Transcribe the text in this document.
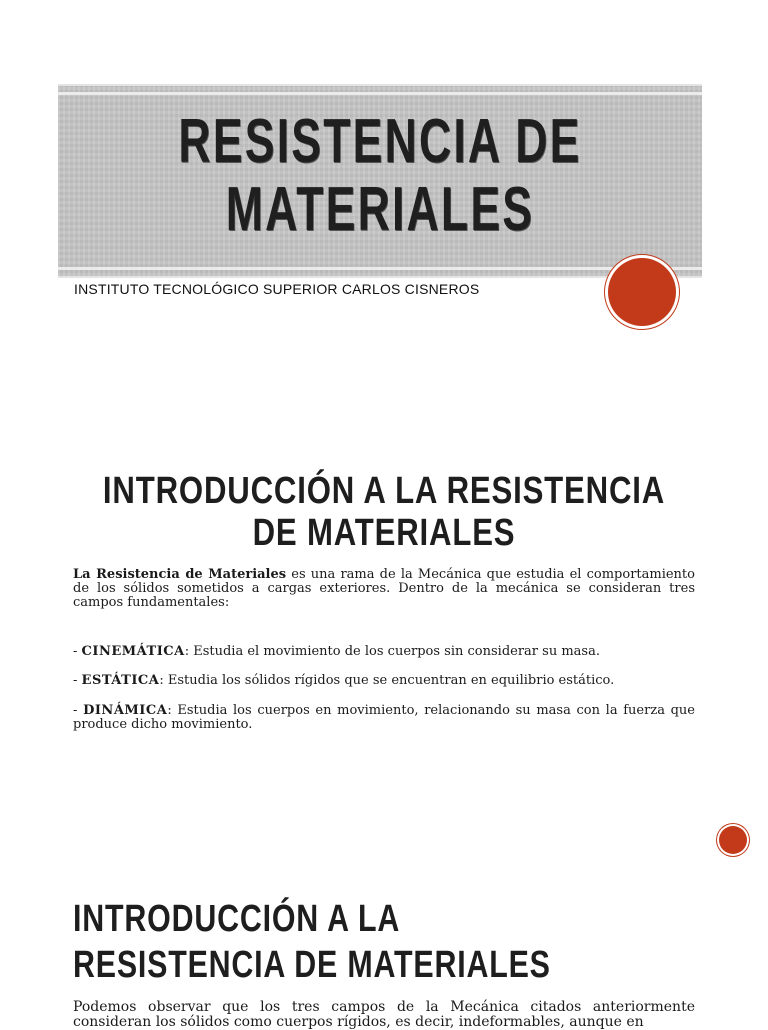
RESISTENCIA DE MATERIALES
INSTITUTO TECNOLÓGICO SUPERIOR CARLOS CISNEROS
INTRODUCCIÓN A LA RESISTENCIA DE MATERIALES

La Resistencia de Materiales es una rama de la Mecánica que estudia el comportamiento de los sólidos sometidos a cargas exteriores. Dentro de la mecánica se consideran tres campos fundamentales:

- CINEMÁTICA: Estudia el movimiento de los cuerpos sin considerar su masa.
- ESTÁTICA: Estudia los sólidos rígidos que se encuentran en equilibrio estático.
- DINÁMICA: Estudia los cuerpos en movimiento, relacionando su masa con la fuerza que produce dicho movimiento.
INTRODUCCIÓN A LA RESISTENCIA DE MATERIALES
Podemos observar que los tres campos de la Mecánica citados anteriormente consideran los sólidos como cuerpos rígidos, es decir, indeformables, aunque en
